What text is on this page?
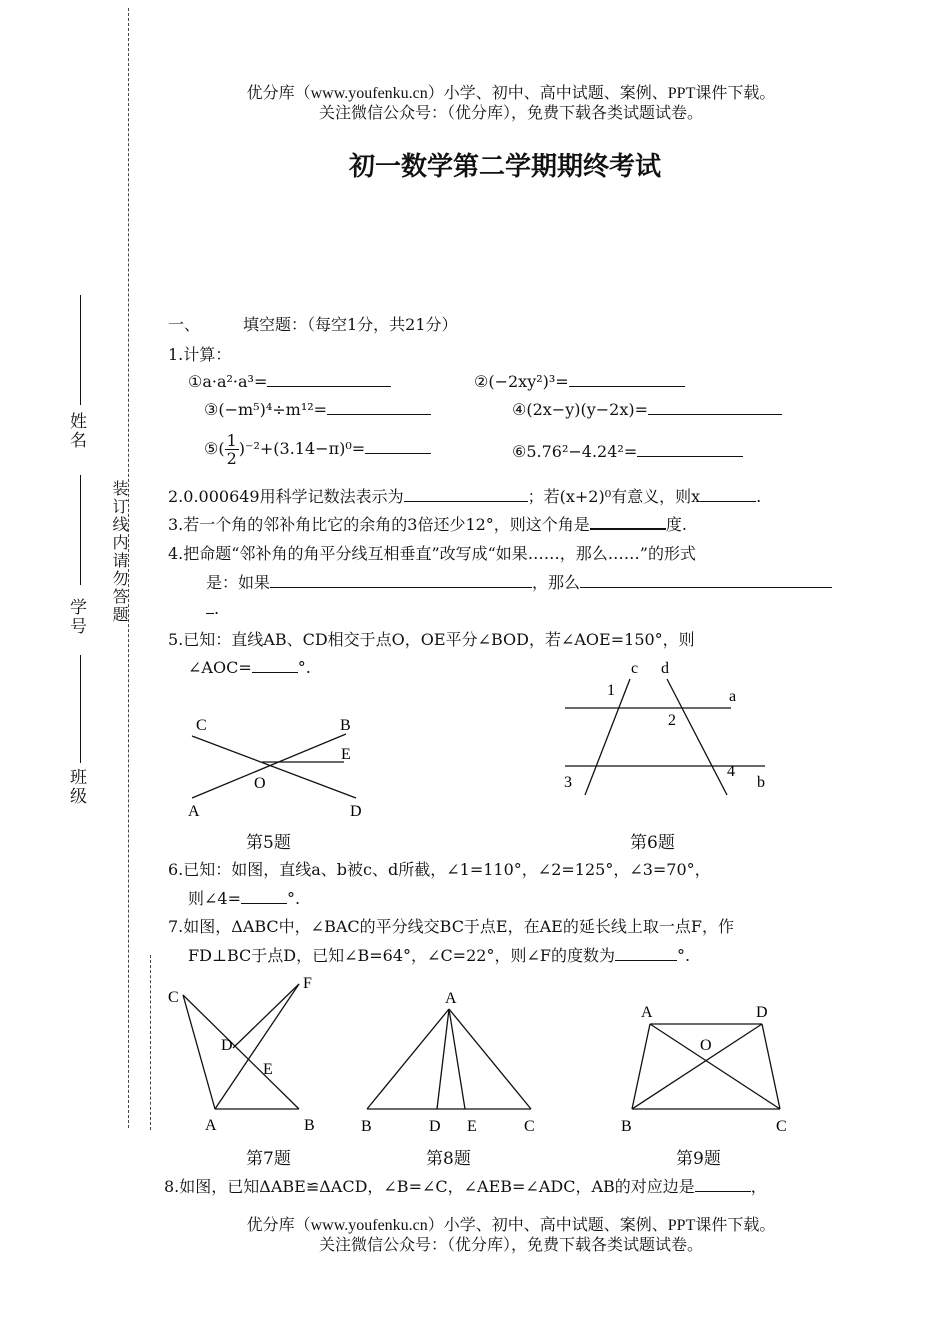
姓名
学号
班级
装订线内请勿答题
优分库（www.youfenku.cn）小学、初中、高中试题、案例、PPT课件下载。
关注微信公众号：（优分库），免费下载各类试题试卷。
初一数学第二学期期终考试
一、	填空题：（每空1分，共21分）
1.计算：
①a·a²·a³=	②(−2xy²)³=
③(−m⁵)⁴÷m¹²=	④(2x−y)(y−2x)=
⑤( $\frac{1}{2} )^{-2}+(3.14-\pi)^0=$	⑥5.76²−4.24²=
2.0.000649用科学记数法表示为	；若(x+2)⁰有意义，则x	.
3.若一个角的邻补角比它的余角的3倍还少12°，则这个角是	度.
4.把命题“邻补角的角平分线互相垂直”改写成“如果……，那么……”的形式
是：如果	，那么
.
5.已知：直线AB、CD相交于点O，OE平分∠BOD，若∠AOE=150°，则
∠AOC=	°.
C	B
E
O
A	D
第5题
c d
1	a
2
3
4
b
第6题
6.已知：如图，直线a、b被c、d所截，∠1=110°，∠2=125°，∠3=70°，
则∠4=	°.
7.如图，ΔABC中，∠BAC的平分线交BC于点E，在AE的延长线上取一点F，作
FD⊥BC于点D，已知∠B=64°，∠C=22°，则∠F的度数为	°.
C
F
D
E
A	B
第7题
A
B	D E	C
第8题
A	D
O
B	C
第9题
8.如图，已知ΔABE≌ΔACD，∠B=∠C，∠AEB=∠ADC，AB的对应边是	，
优分库（www.youfenku.cn）小学、初中、高中试题、案例、PPT课件下载。
关注微信公众号：（优分库），免费下载各类试题试卷。
